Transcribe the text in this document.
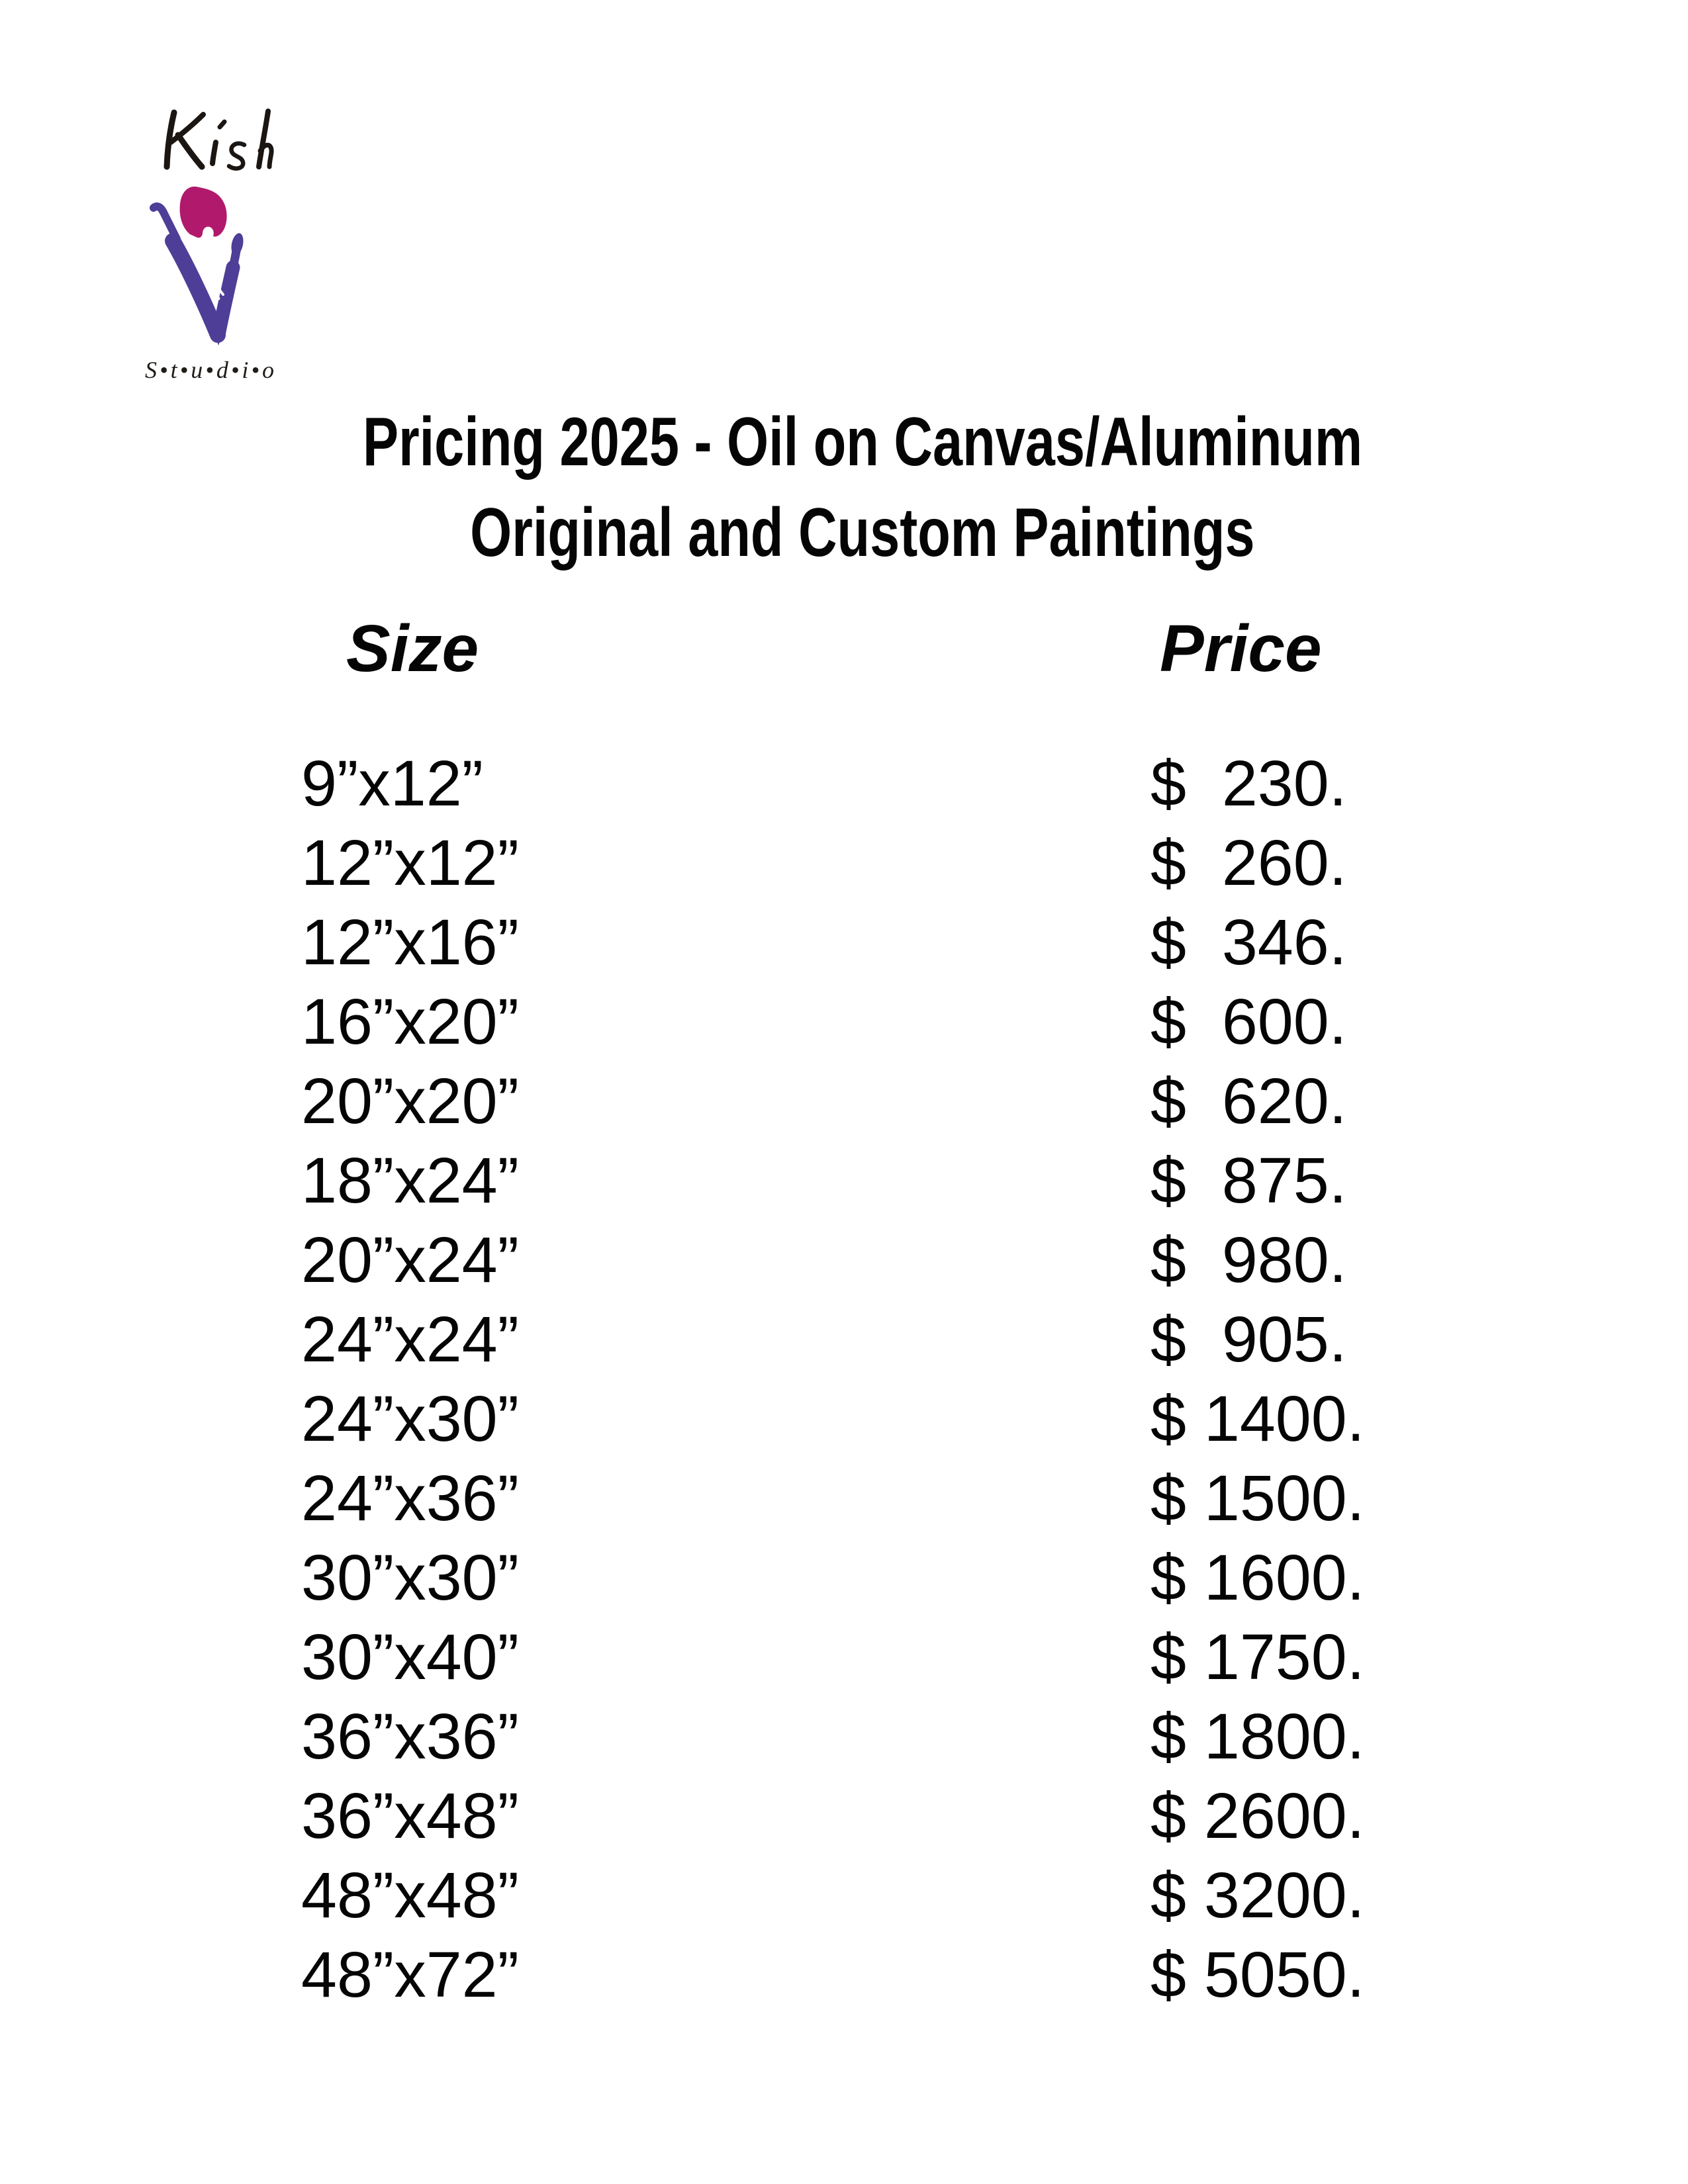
S•t•u•d•i•o
Pricing 2025 - Oil on Canvas/Aluminum
Original and Custom Paintings
Size	Price
9”x12”	$  230.
12”x12”	$  260.
12”x16”	$  346.
16”x20”	$  600.
20”x20”	$  620.
18”x24”	$  875.
20”x24”	$  980.
24”x24”	$  905.
24”x30”	$ 1400.
24”x36”	$ 1500.
30”x30”	$ 1600.
30”x40”	$ 1750.
36”x36”	$ 1800.
36”x48”	$ 2600.
48”x48”	$ 3200.
48”x72”	$ 5050.
